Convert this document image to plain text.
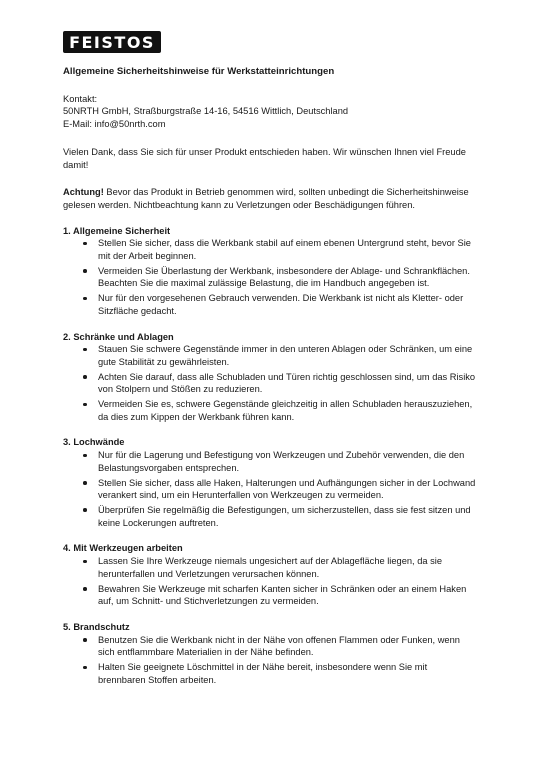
FEISTOS
Allgemeine Sicherheitshinweise für Werkstatteinrichtungen

Kontakt:

50NRTH GmbH, Straßburgstraße 14-16, 54516 Wittlich, Deutschland

E-Mail: info@50nrth.com

Vielen Dank, dass Sie sich für unser Produkt entschieden haben. Wir wünschen Ihnen viel Freude damit!

Achtung! Bevor das Produkt in Betrieb genommen wird, sollten unbedingt die Sicherheitshinweise gelesen werden. Nichtbeachtung kann zu Verletzungen oder Beschädigungen führen.

1. Allgemeine Sicherheit
Stellen Sie sicher, dass die Werkbank stabil auf einem ebenen Untergrund steht, bevor Sie mit der Arbeit beginnen.
Vermeiden Sie Überlastung der Werkbank, insbesondere der Ablage- und Schrankflächen. Beachten Sie die maximal zulässige Belastung, die im Handbuch angegeben ist.
Nur für den vorgesehenen Gebrauch verwenden. Die Werkbank ist nicht als Kletter- oder Sitzfläche gedacht.
2. Schränke und Ablagen
Stauen Sie schwere Gegenstände immer in den unteren Ablagen oder Schränken, um eine gute Stabilität zu gewährleisten.
Achten Sie darauf, dass alle Schubladen und Türen richtig geschlossen sind, um das Risiko von Stolpern und Stößen zu reduzieren.
Vermeiden Sie es, schwere Gegenstände gleichzeitig in allen Schubladen herauszuziehen, da dies zum Kippen der Werkbank führen kann.
3. Lochwände
Nur für die Lagerung und Befestigung von Werkzeugen und Zubehör verwenden, die den Belastungsvorgaben entsprechen.
Stellen Sie sicher, dass alle Haken, Halterungen und Aufhängungen sicher in der Lochwand verankert sind, um ein Herunterfallen von Werkzeugen zu vermeiden.
Überprüfen Sie regelmäßig die Befestigungen, um sicherzustellen, dass sie fest sitzen und keine Lockerungen auftreten.
4. Mit Werkzeugen arbeiten
Lassen Sie Ihre Werkzeuge niemals ungesichert auf der Ablagefläche liegen, da sie herunterfallen und Verletzungen verursachen können.
Bewahren Sie Werkzeuge mit scharfen Kanten sicher in Schränken oder an einem Haken auf, um Schnitt- und Stichverletzungen zu vermeiden.
5. Brandschutz
Benutzen Sie die Werkbank nicht in der Nähe von offenen Flammen oder Funken, wenn sich entflammbare Materialien in der Nähe befinden.
Halten Sie geeignete Löschmittel in der Nähe bereit, insbesondere wenn Sie mit brennbaren Stoffen arbeiten.
